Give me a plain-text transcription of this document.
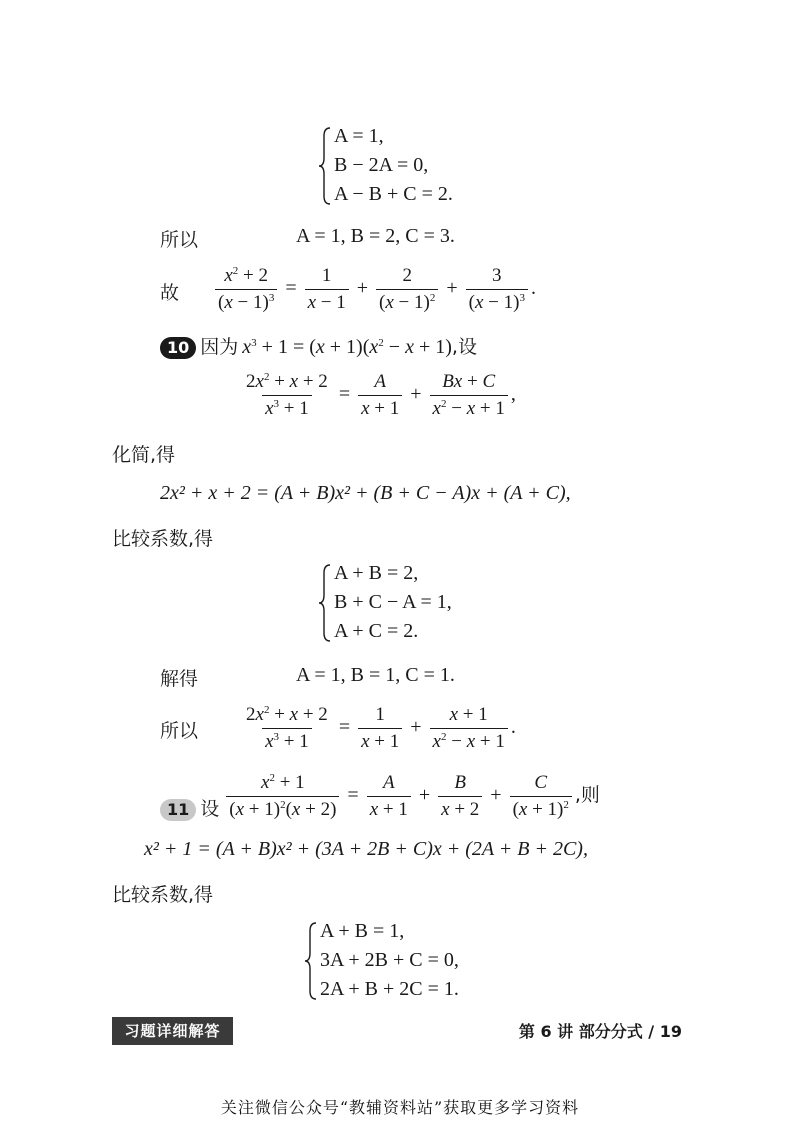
A = 1,
B − 2A = 0,
A − B + C = 2.
所以	A = 1, B = 2, C = 3.
故 $\frac{x^2 + 2}{(x - 1)^3} = \frac{1}{x - 1} + \frac{2}{(x - 1)^2} + \frac{3}{(x - 1)^3}$ .
10 因为 $x^3 + 1 = (x + 1)(x^2 - x + 1)$,设
$\frac{2x^2 + x + 2}{x^3 + 1} = \frac{A}{x + 1} + \frac{Bx + C}{x^2 - x + 1}$ ,
化简,得
2x² + x + 2 = (A + B)x² + (B + C − A)x + (A + C),
比较系数,得
A + B = 2,
B + C − A = 1,
A + C = 2.
解得	A = 1, B = 1, C = 1.
所以 $\frac{2x^2 + x + 2}{x^3 + 1} = \frac{1}{x + 1} + \frac{x + 1}{x^2 - x + 1}$ .
11 设 $\frac{x^2 + 1}{(x + 1)^2(x + 2)} = \frac{A}{x + 1} + \frac{B}{x + 2} + \frac{C}{(x + 1)^2}$ ,则
x² + 1 = (A + B)x² + (3A + 2B + C)x + (2A + B + 2C),
比较系数,得
A + B = 1,
3A + 2B + C = 0,
2A + B + 2C = 1.
习题详细解答	第 6 讲 部分分式 / 19
关注微信公众号“教辅资料站”获取更多学习资料
